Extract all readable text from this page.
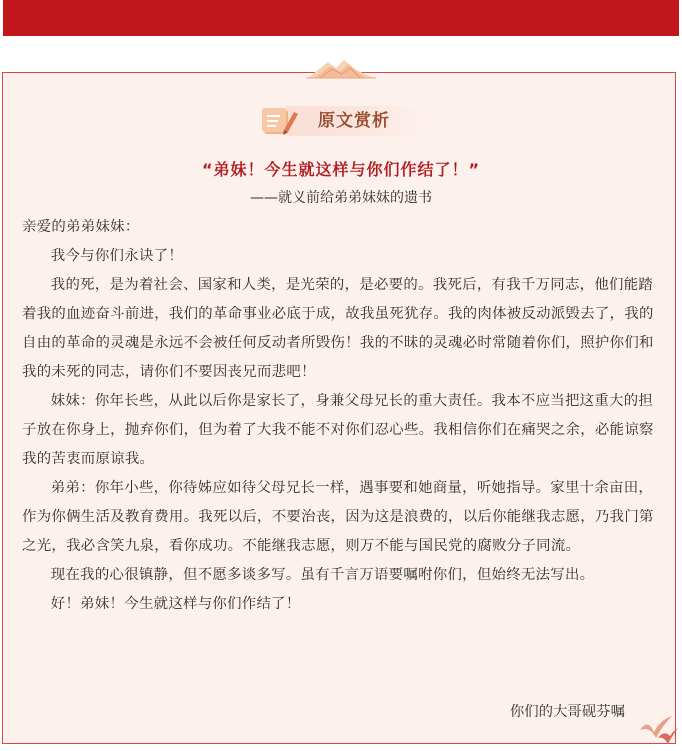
原文赏析
“弟妹！今生就这样与你们作结了！”
——就义前给弟弟妹妹的遗书

亲爱的弟弟妹妹：

我今与你们永诀了！

我的死，是为着社会、国家和人类，是光荣的，是必要的。我死后，有我千万同志，他们能踏着我的血迹奋斗前进，我们的革命事业必底于成，故我虽死犹存。我的肉体被反动派毁去了，我的自由的革命的灵魂是永远不会被任何反动者所毁伤！我的不昧的灵魂必时常随着你们，照护你们和我的未死的同志，请你们不要因丧兄而悲吧！

妹妹：你年长些，从此以后你是家长了，身兼父母兄长的重大责任。我本不应当把这重大的担子放在你身上，抛弃你们，但为着了大我不能不对你们忍心些。我相信你们在痛哭之余，必能谅察我的苦衷而原谅我。

弟弟：你年小些，你待姊应如待父母兄长一样，遇事要和她商量，听她指导。家里十余亩田，作为你俩生活及教育费用。我死以后，不要治丧，因为这是浪费的，以后你能继我志愿，乃我门第之光，我必含笑九泉，看你成功。不能继我志愿，则万不能与国民党的腐败分子同流。

现在我的心很镇静，但不愿多谈多写。虽有千言万语要嘱咐你们，但始终无法写出。

好！弟妹！今生就这样与你们作结了！

你们的大哥砚芬嘱
